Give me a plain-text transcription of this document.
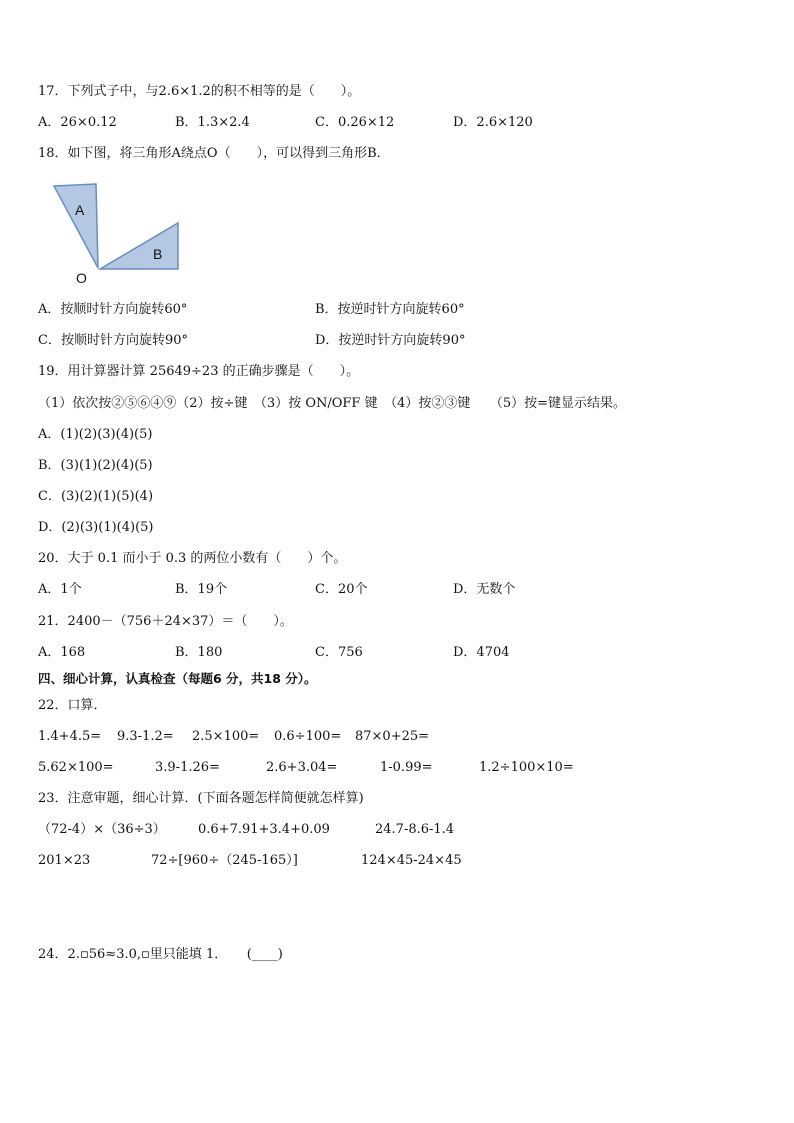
17．下列式子中，与2.6×1.2的积不相等的是（　　）。
A．26×0.12	B．1.3×2.4	C．0.26×12	D．2.6×120
18．如下图，将三角形A绕点O（　　），可以得到三角形B．
A
B
O
A．按顺时针方向旋转60°	B．按逆时针方向旋转60°
C．按顺时针方向旋转90°	D．按逆时针方向旋转90°
19．用计算器计算 25649÷23 的正确步骤是（　　）。
（1）依次按②⑤⑥④⑨（2）按÷键　（3）按 ON/OFF 键　（4）按②③键　　（5）按=键显示结果。
A．(1)(2)(3)(4)(5)
B．(3)(1)(2)(4)(5)
C．(3)(2)(1)(5)(4)
D．(2)(3)(1)(4)(5)
20．大于 0.1 而小于 0.3 的两位小数有（　　）个。
A．1个	B．19个	C．20个	D．无数个
21．2400－（756＋24×37）＝（　　）。
A．168	B．180	C．756	D．4704
四、细心计算，认真检查（每题6 分，共18 分）。
22．口算．
1.4+4.5= 9.3-1.2= 2.5×100= 0.6÷100= 87×0+25=
5.62×100=	3.9-1.26=	2.6+3.04=	1-0.99=	1.2÷100×10=
23．注意审题，细心计算．(下面各题怎样简便就怎样算)
（72-4）×（36÷3） 0.6+7.91+3.4+0.09	24.7-8.6-1.4
201×23	72÷[960÷（245-165）]	124×45-24×45
24．2.▫56≈3.0,▫里只能填 1．　　(____)
